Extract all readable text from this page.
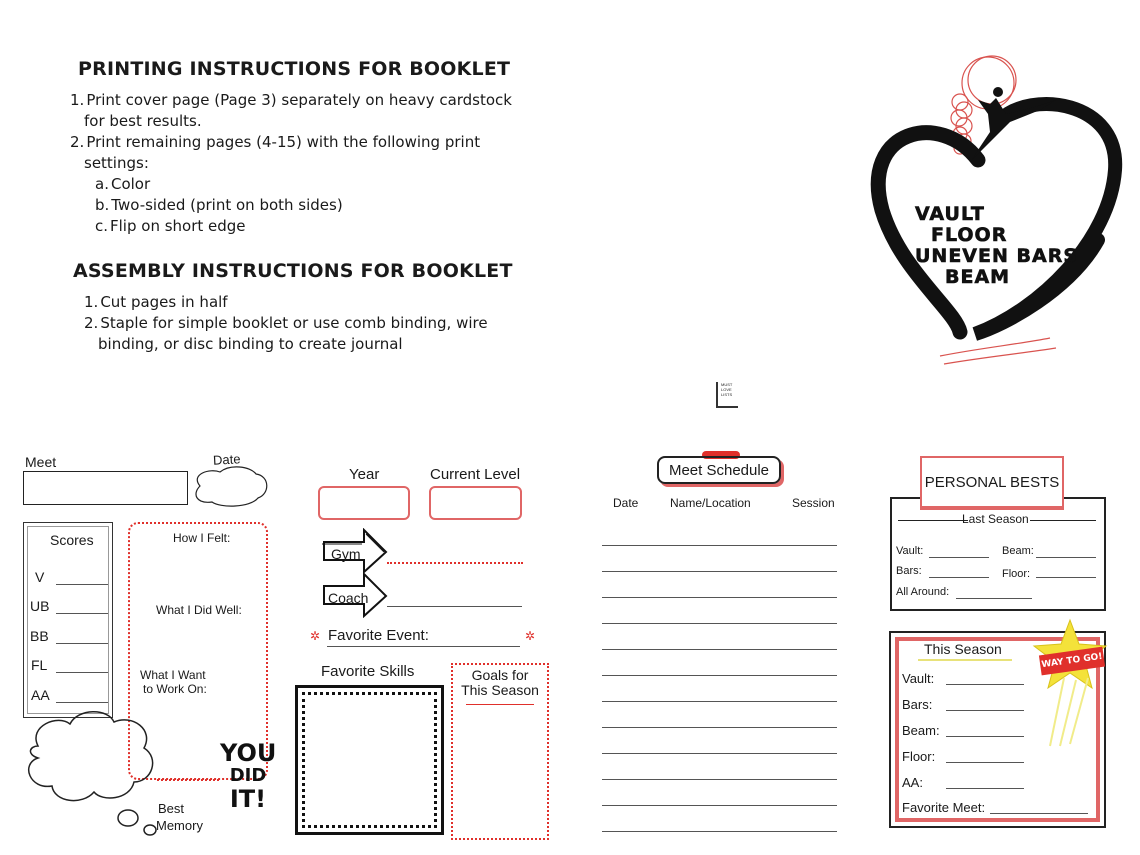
PRINTING INSTRUCTIONS FOR BOOKLET
1. Print cover page (Page 3) separately on heavy cardstock
for best results.
2. Print remaining pages (4-15) with the following print
settings:
a. Color
b. Two-sided (print on both sides)
c. Flip on short edge
ASSEMBLY INSTRUCTIONS FOR BOOKLET
1. Cut pages in half
2. Staple for simple booklet or use comb binding, wire
binding, or disc binding to create journal
VAULT
FLOOR
UNEVEN BARS
BEAM
MUST
LOVE
LISTS
Meet	Date
Scores
V
UB
BB
FL
AA
How I Felt:
What I Did Well:
What I Want
to Work On:
Best
Memory
YOU
DID
IT!
Year	Current Level
Gym
Coach
✲ Favorite Event:	✲
Favorite Skills	Goals for
This Season
Meet Schedule
Date	Name/Location	Session
PERSONAL BESTS
Last Season
Vault:	Beam:
Bars:	Floor:
All Around:
This Season
WAY TO GO!
Vault:
Bars:
Beam:
Floor:
AA:
Favorite Meet:
